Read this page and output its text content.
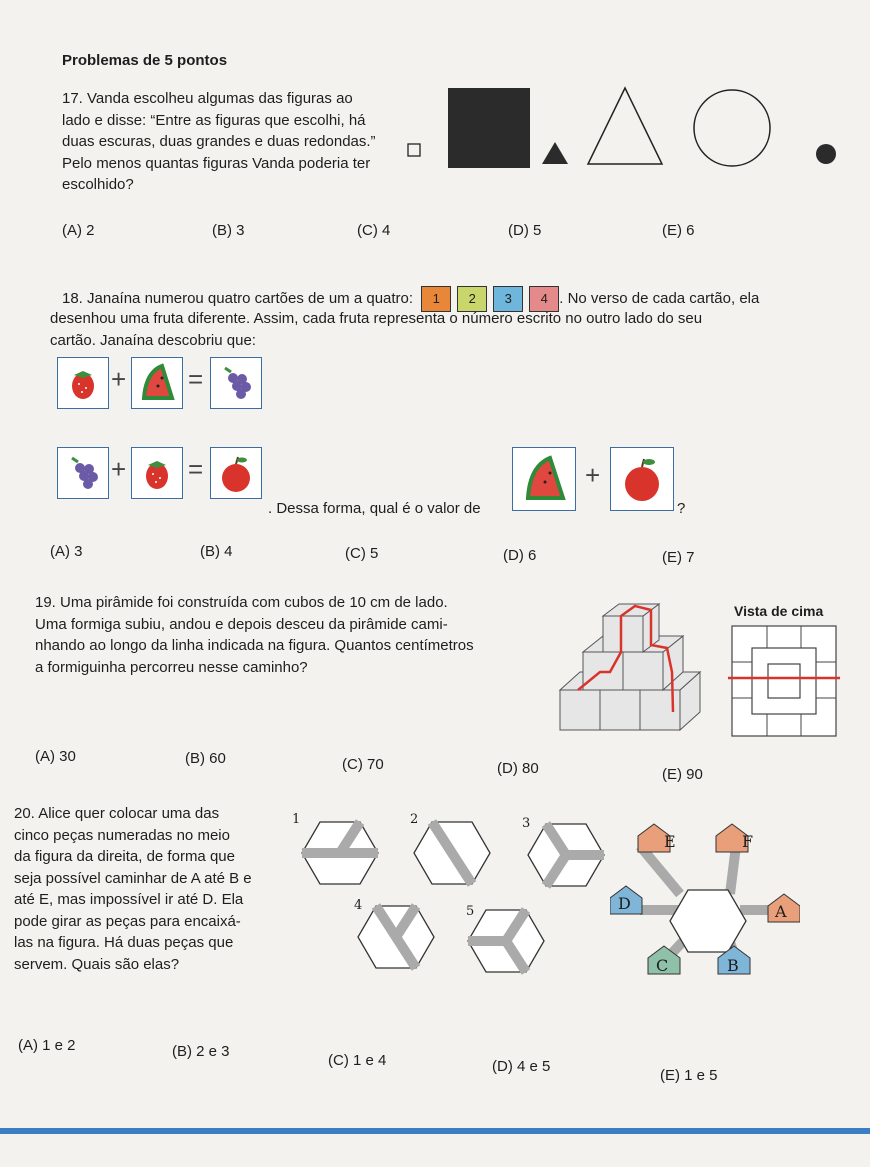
Problemas de 5 pontos
17. Vanda escolheu algumas das figuras ao
lado e disse: “Entre as figuras que escolhi, há
duas escuras, duas grandes e duas redondas.”
Pelo menos quantas figuras Vanda poderia ter
escolhido?
(A) 2	(B) 3	(C) 4	(D) 5	(E) 6
18. Janaína numerou quatro cartões de um a quatro: 1 2 3 4 . No verso de cada cartão, ela
desenhou uma fruta diferente. Assim, cada fruta representa o número escrito no outro lado do seu
cartão. Janaína descobriu que:
+ =
+ =
. Dessa forma, qual é o valor de
+
?
(A) 3	(B) 4	(C) 5	(D) 6	(E) 7
19. Uma pirâmide foi construída com cubos de 10 cm de lado.
Uma formiga subiu, andou e depois desceu da pirâmide cami-
nhando ao longo da linha indicada na figura. Quantos centímetros
a formiguinha percorreu nesse caminho?
Vista de cima
(A) 30	(B) 60	(C) 70	(D) 80	(E) 90
20. Alice quer colocar uma das
cinco peças numeradas no meio
da figura da direita, de forma que
seja possível caminhar de A até B e
até E, mas impossível ir até D. Ela
pode girar as peças para encaixá-
las na figura. Há duas peças que
servem. Quais são elas?
1	2	3
4	5
E	F
D	A
C	B
(A) 1 e 2	(B) 2 e 3
(C) 1 e 4	(D) 4 e 5
(E) 1 e 5
